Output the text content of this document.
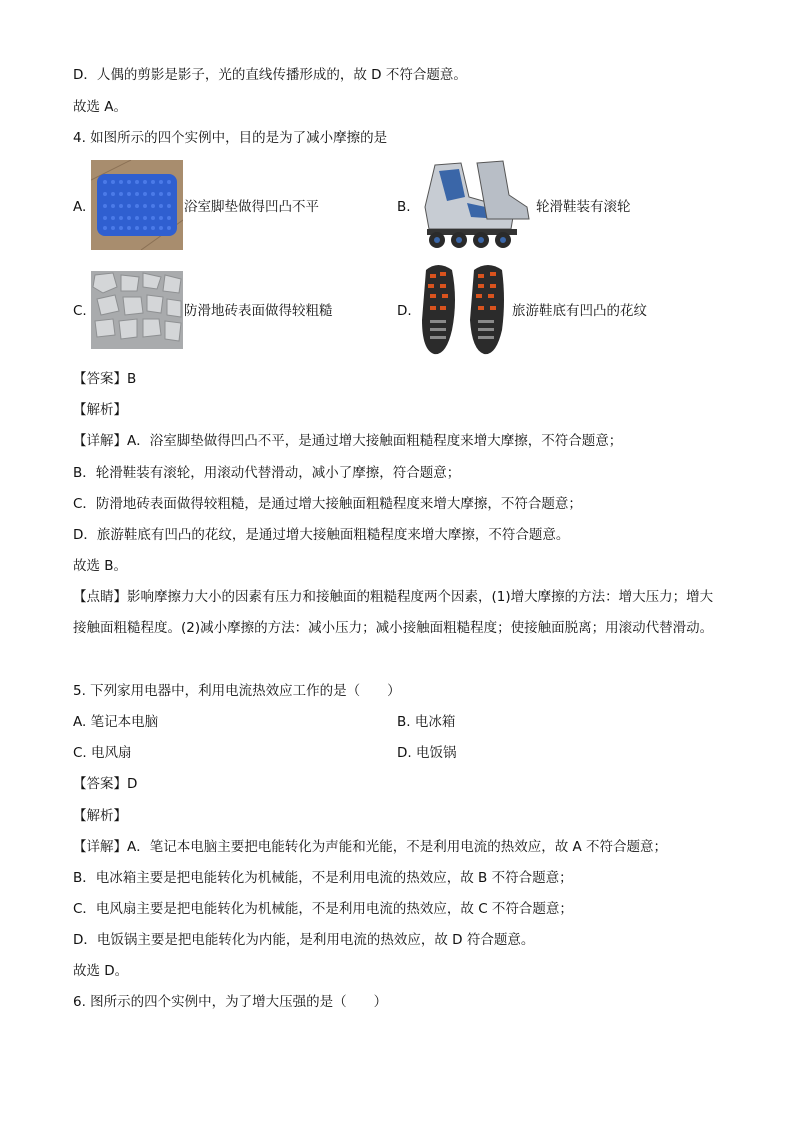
D．人偶的剪影是影子，光的直线传播形成的，故 D 不符合题意。
故选 A。
4. 如图所示的四个实例中，目的是为了减小摩擦的是
A.	浴室脚垫做得凹凸不平	B.	轮滑鞋装有滚轮
C.	防滑地砖表面做得较粗糙	D.	旅游鞋底有凹凸的花纹
【答案】B
【解析】
【详解】A．浴室脚垫做得凹凸不平，是通过增大接触面粗糙程度来增大摩擦，不符合题意；
B．轮滑鞋装有滚轮，用滚动代替滑动，减小了摩擦，符合题意；
C．防滑地砖表面做得较粗糙，是通过增大接触面粗糙程度来增大摩擦，不符合题意；
D．旅游鞋底有凹凸的花纹，是通过增大接触面粗糙程度来增大摩擦，不符合题意。
故选 B。
【点睛】影响摩擦力大小的因素有压力和接触面的粗糙程度两个因素，(1)增大摩擦的方法：增大压力；增大接触面粗糙程度。(2)减小摩擦的方法：减小压力；减小接触面粗糙程度；使接触面脱离；用滚动代替滑动。
5. 下列家用电器中，利用电流热效应工作的是（　　）
A. 笔记本电脑	B. 电冰箱
C. 电风扇	D. 电饭锅
【答案】D
【解析】
【详解】A．笔记本电脑主要把电能转化为声能和光能，不是利用电流的热效应，故 A 不符合题意；
B．电冰箱主要是把电能转化为机械能，不是利用电流的热效应，故 B 不符合题意；
C．电风扇主要是把电能转化为机械能，不是利用电流的热效应，故 C 不符合题意；
D．电饭锅主要是把电能转化为内能，是利用电流的热效应，故 D 符合题意。
故选 D。
6. 图所示的四个实例中，为了增大压强的是（　　）
